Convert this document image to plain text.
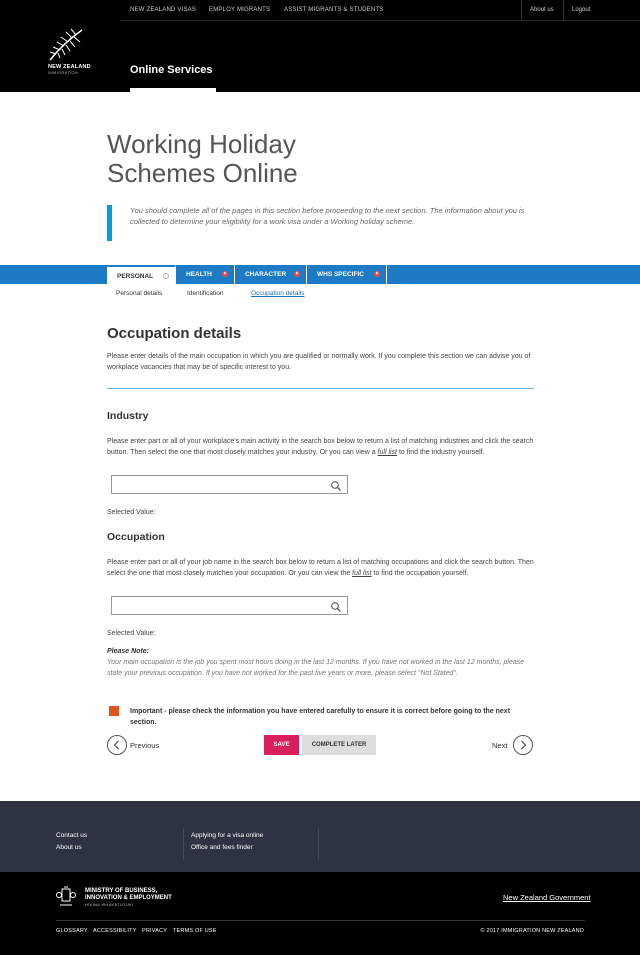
NEW ZEALAND VISAS EMPLOY MIGRANTS ASSIST MIGRANTS & STUDENTS	About us	Logout
NEW ZEALAND
IMMIGRATION	Online Services
Working Holiday
Schemes Online
You should complete all of the pages in this section before proceeding to the next section. The information about you is collected to determine your eligibility for a work visa under a Working holiday scheme.
PERSONAL	HEALTH	×	CHARACTER	×	WHS SPECIFIC	×
Personal details	Identification	Occupation details
Occupation details
Please enter details of the main occupation in which you are qualified or normally work. If you complete this section we can advise you of workplace vacancies that may be of specific interest to you.
Industry
Please enter part or all of your workplace's main activity in the search box below to return a list of matching industries and click the search button. Then select the one that most closely matches your industry. Or you can view a full list to find the industry yourself.
Selected Value:
Occupation
Please enter part or all of your job name in the search box below to return a list of matching occupations and click the search button. Then select the one that most closely matches your occupation. Or you can view the full list to find the occupation yourself.
Selected Value:
Please Note:
Your main occupation is the job you spent most hours doing in the last 12 months. If you have not worked in the last 12 months, please state your previous occupation. If you have not worked for the past five years or more, please select "Not Stated".
Important - please check the information you have entered carefully to ensure it is correct before going to the next section.
Previous	SAVE	COMPLETE LATER	Next
Contact us
About us
Applying for a visa online
Office and fees finder
MINISTRY OF BUSINESS,
INNOVATION & EMPLOYMENT
HĪKINA WHAKATUTUKI
New Zealand Government
GLOSSARY ACCESSIBILITY PRIVACY TERMS OF USE	© 2017 IMMIGRATION NEW ZEALAND
